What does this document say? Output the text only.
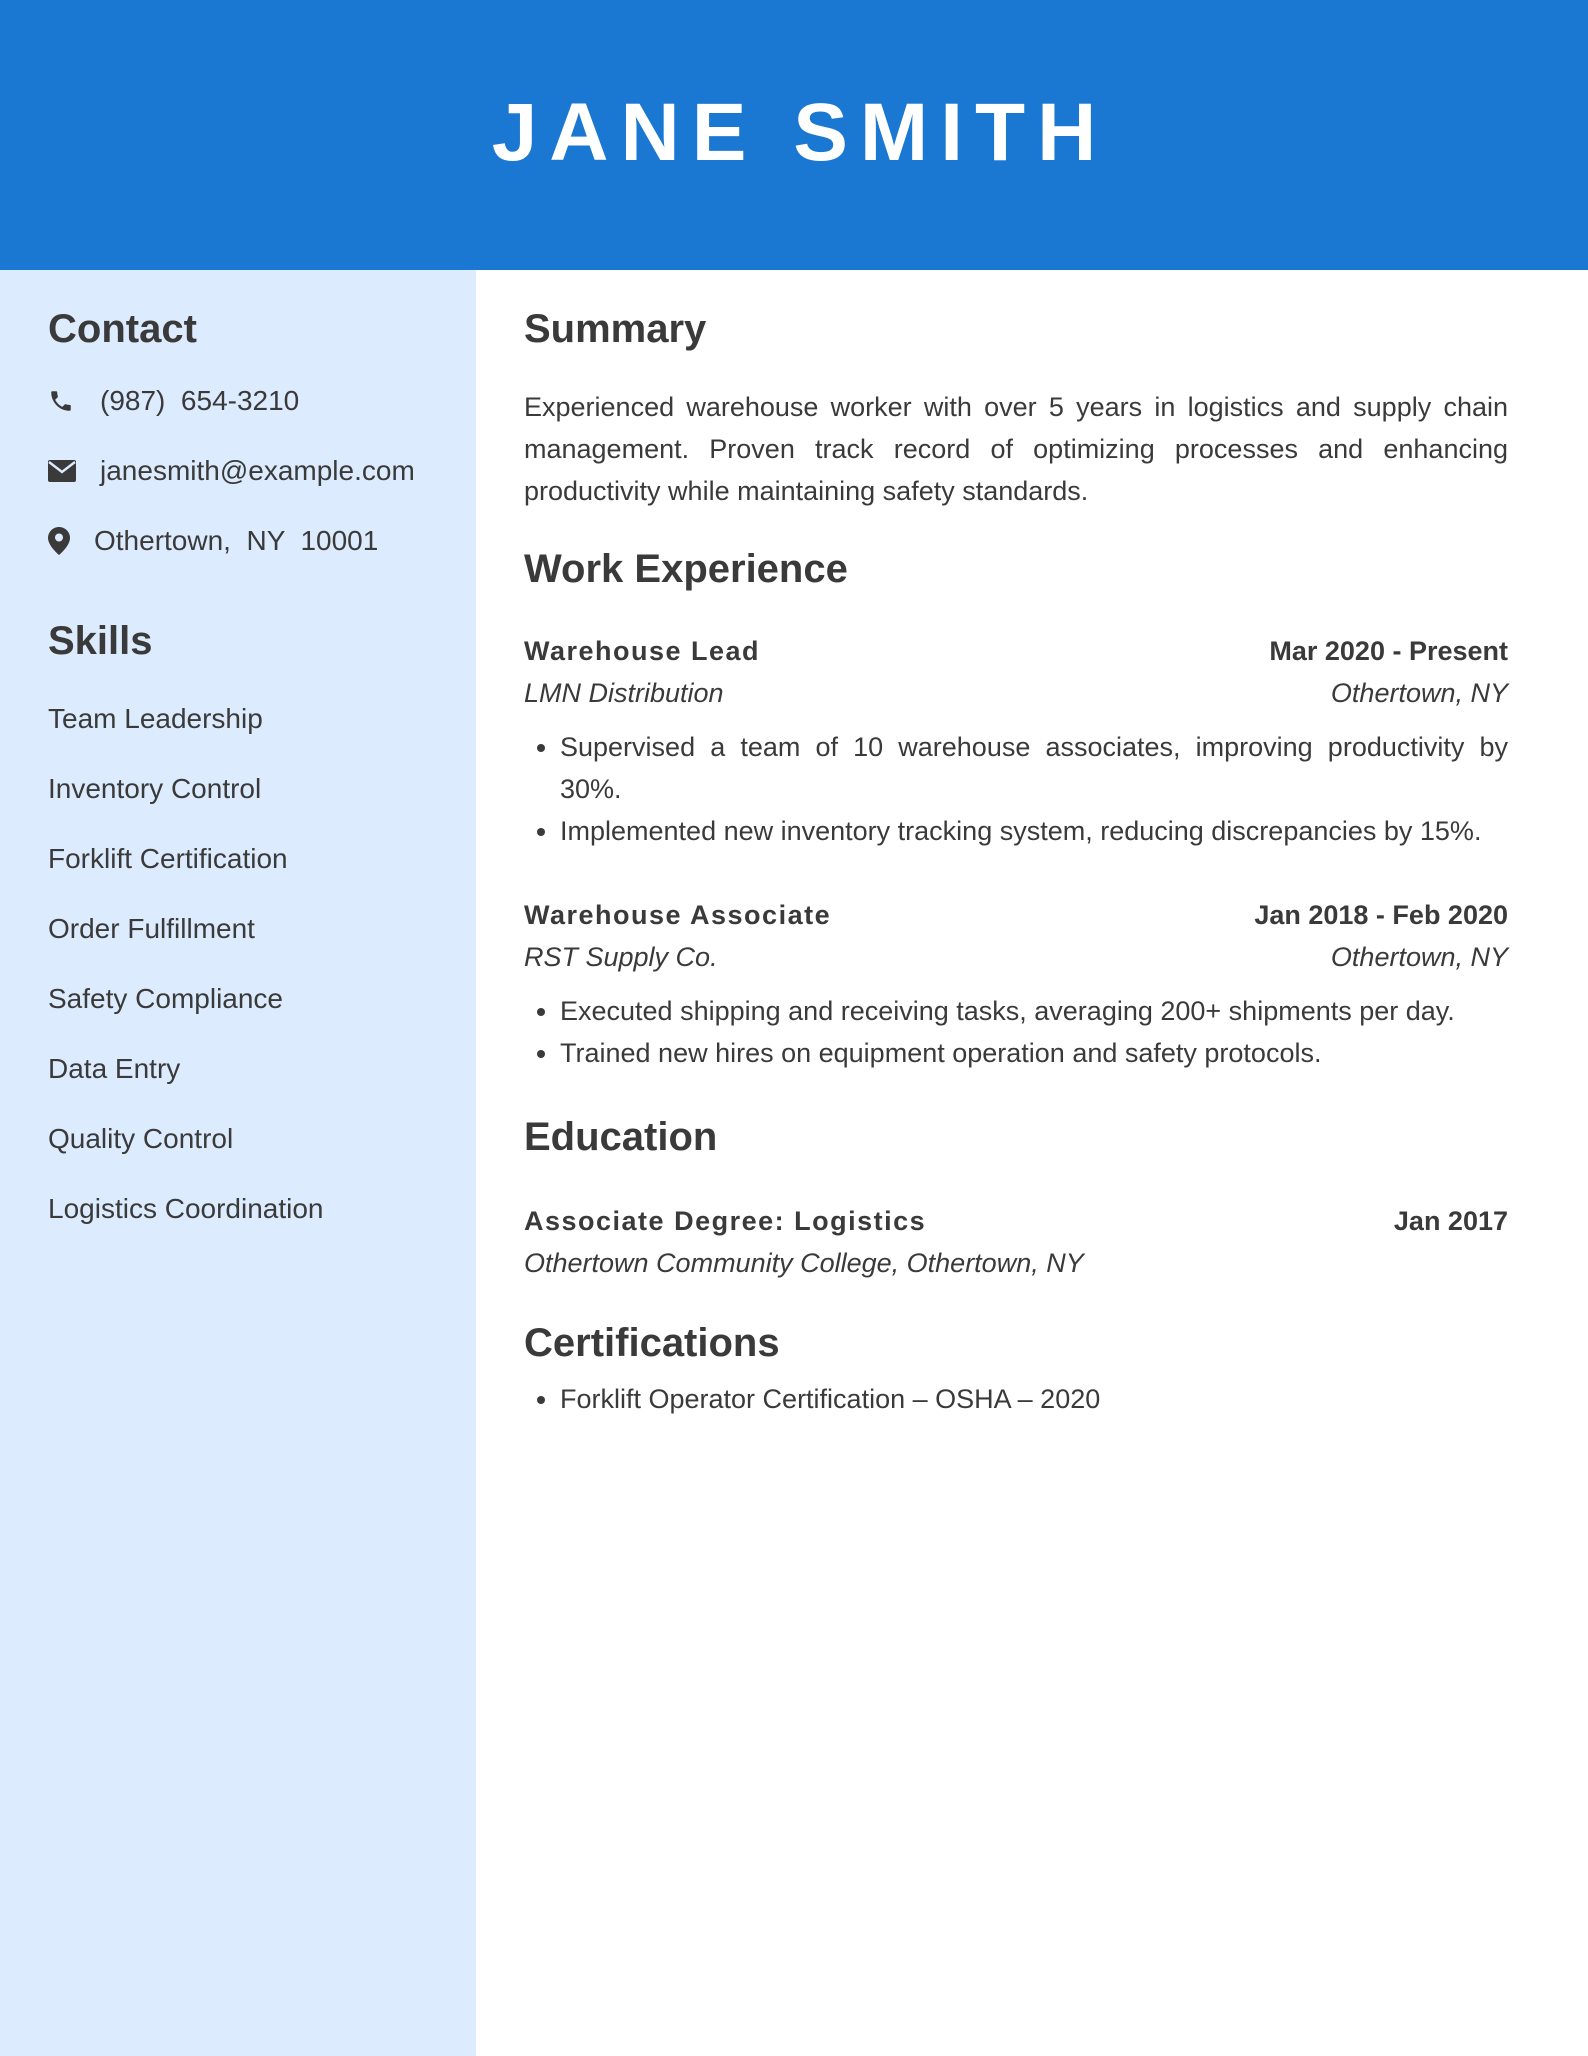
JANE SMITH
Contact
(987)  654-3210
janesmith@example.com
Othertown,  NY  10001
Skills
Team Leadership
Inventory Control
Forklift Certification
Order Fulfillment
Safety Compliance
Data Entry
Quality Control
Logistics Coordination
Summary

Experienced warehouse worker with over 5 years in logistics and supply chain management. Proven track record of optimizing processes and enhancing productivity while maintaining safety standards.

Work Experience
Warehouse Lead	Mar 2020 - Present
LMN Distribution	Othertown, NY
• Supervised a team of 10 warehouse associates, improving productivity by 30%.
• Implemented new inventory tracking system, reducing discrepancies by 15%.
Warehouse Associate	Jan 2018 - Feb 2020
RST Supply Co.	Othertown, NY
• Executed shipping and receiving tasks, averaging 200+ shipments per day.
• Trained new hires on equipment operation and safety protocols.
Education
Associate Degree: Logistics	Jan 2017
Othertown Community College, Othertown, NY
Certifications
• Forklift Operator Certification – OSHA – 2020
